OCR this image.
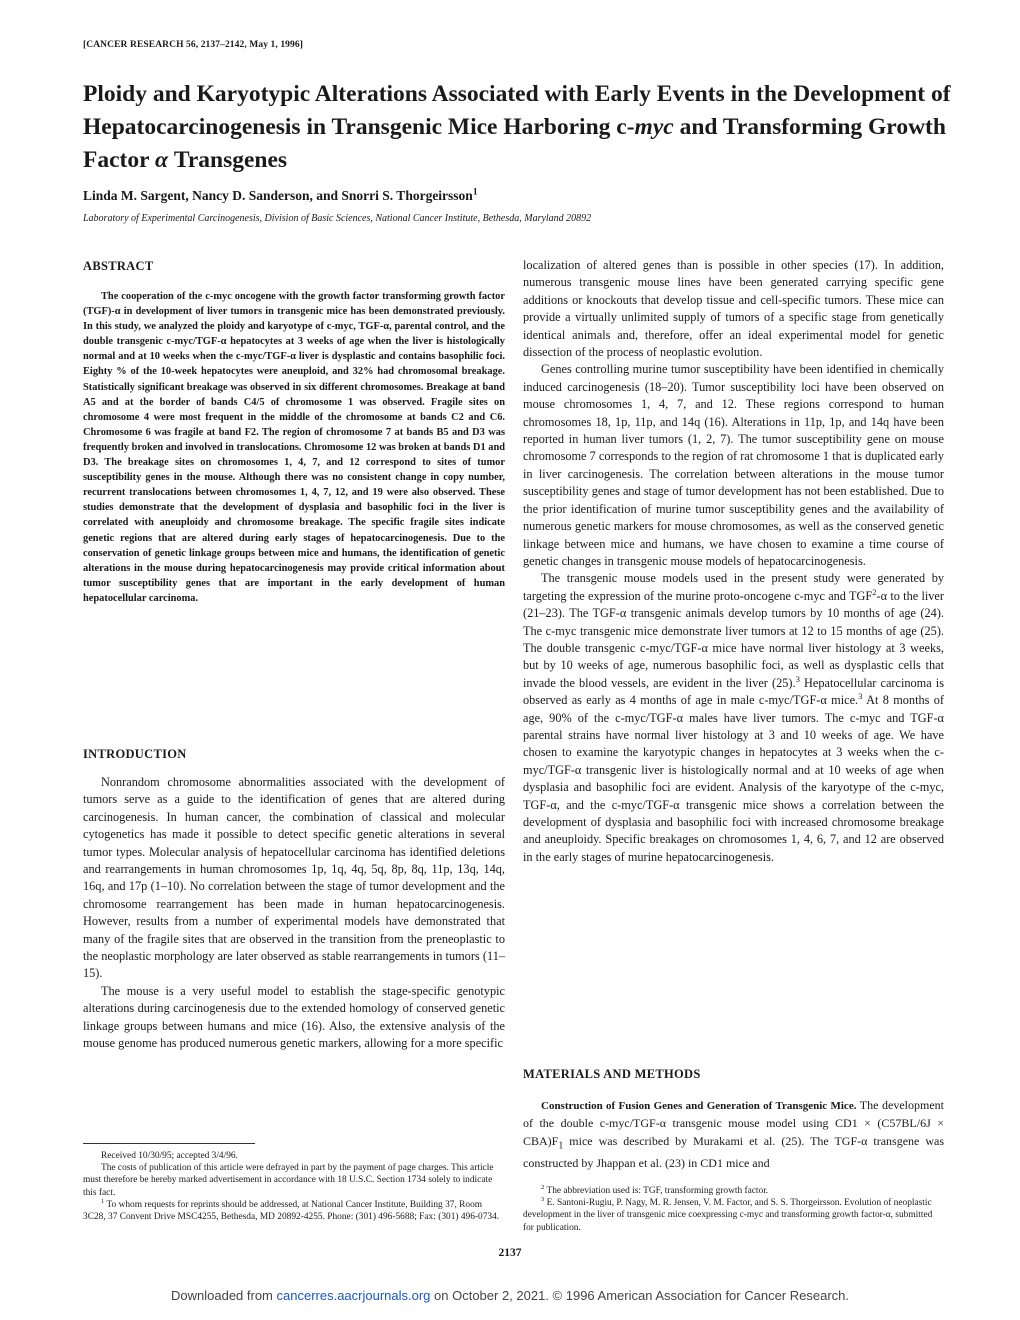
[CANCER RESEARCH 56, 2137–2142, May 1, 1996]
Ploidy and Karyotypic Alterations Associated with Early Events in the Development of Hepatocarcinogenesis in Transgenic Mice Harboring c-myc and Transforming Growth Factor α Transgenes
Linda M. Sargent, Nancy D. Sanderson, and Snorri S. Thorgeirsson$^1$
Laboratory of Experimental Carcinogenesis, Division of Basic Sciences, National Cancer Institute, Bethesda, Maryland 20892
ABSTRACT

The cooperation of the c-myc oncogene with the growth factor transforming growth factor (TGF)-α in development of liver tumors in transgenic mice has been demonstrated previously. In this study, we analyzed the ploidy and karyotype of c-myc, TGF-α, parental control, and the double transgenic c-myc/TGF-α hepatocytes at 3 weeks of age when the liver is histologically normal and at 10 weeks when the c-myc/TGF-α liver is dysplastic and contains basophilic foci. Eighty % of the 10-week hepatocytes were aneuploid, and 32% had chromosomal breakage. Statistically significant breakage was observed in six different chromosomes. Breakage at band A5 and at the border of bands C4/5 of chromosome 1 was observed. Fragile sites on chromosome 4 were most frequent in the middle of the chromosome at bands C2 and C6. Chromosome 6 was fragile at band F2. The region of chromosome 7 at bands B5 and D3 was frequently broken and involved in translocations. Chromosome 12 was broken at bands D1 and D3. The breakage sites on chromosomes 1, 4, 7, and 12 correspond to sites of tumor susceptibility genes in the mouse. Although there was no consistent change in copy number, recurrent translocations between chromosomes 1, 4, 7, 12, and 19 were also observed. These studies demonstrate that the development of dysplasia and basophilic foci in the liver is correlated with aneuploidy and chromosome breakage. The specific fragile sites indicate genetic regions that are altered during early stages of hepatocarcinogenesis. Due to the conservation of genetic linkage groups between mice and humans, the identification of genetic alterations in the mouse during hepatocarcinogenesis may provide critical information about tumor susceptibility genes that are important in the early development of human hepatocellular carcinoma.

INTRODUCTION

Nonrandom chromosome abnormalities associated with the development of tumors serve as a guide to the identification of genes that are altered during carcinogenesis. In human cancer, the combination of classical and molecular cytogenetics has made it possible to detect specific genetic alterations in several tumor types. Molecular analysis of hepatocellular carcinoma has identified deletions and rearrangements in human chromosomes 1p, 1q, 4q, 5q, 8p, 8q, 11p, 13q, 14q, 16q, and 17p (1–10). No correlation between the stage of tumor development and the chromosome rearrangement has been made in human hepatocarcinogenesis. However, results from a number of experimental models have demonstrated that many of the fragile sites that are observed in the transition from the preneoplastic to the neoplastic morphology are later observed as stable rearrangements in tumors (11–15).

The mouse is a very useful model to establish the stage-specific genotypic alterations during carcinogenesis due to the extended homology of conserved genetic linkage groups between humans and mice (16). Also, the extensive analysis of the mouse genome has produced numerous genetic markers, allowing for a more specific

localization of altered genes than is possible in other species (17). In addition, numerous transgenic mouse lines have been generated carrying specific gene additions or knockouts that develop tissue and cell-specific tumors. These mice can provide a virtually unlimited supply of tumors of a specific stage from genetically identical animals and, therefore, offer an ideal experimental model for genetic dissection of the process of neoplastic evolution.

Genes controlling murine tumor susceptibility have been identified in chemically induced carcinogenesis (18–20). Tumor susceptibility loci have been observed on mouse chromosomes 1, 4, 7, and 12. These regions correspond to human chromosomes 18, 1p, 11p, and 14q (16). Alterations in 11p, 1p, and 14q have been reported in human liver tumors (1, 2, 7). The tumor susceptibility gene on mouse chromosome 7 corresponds to the region of rat chromosome 1 that is duplicated early in liver carcinogenesis. The correlation between alterations in the mouse tumor susceptibility genes and stage of tumor development has not been established. Due to the prior identification of murine tumor susceptibility genes and the availability of numerous genetic markers for mouse chromosomes, as well as the conserved genetic linkage between mice and humans, we have chosen to examine a time course of genetic changes in transgenic mouse models of hepatocarcinogenesis.

The transgenic mouse models used in the present study were generated by targeting the expression of the murine proto-oncogene c-myc and TGF$^2$-α to the liver (21–23). The TGF-α transgenic animals develop tumors by 10 months of age (24). The c-myc transgenic mice demonstrate liver tumors at 12 to 15 months of age (25). The double transgenic c-myc/TGF-α mice have normal liver histology at 3 weeks, but by 10 weeks of age, numerous basophilic foci, as well as dysplastic cells that invade the blood vessels, are evident in the liver (25).$^3$ Hepatocellular carcinoma is observed as early as 4 months of age in male c-myc/TGF-α mice.$^3$ At 8 months of age, 90% of the c-myc/TGF-α males have liver tumors. The c-myc and TGF-α parental strains have normal liver histology at 3 and 10 weeks of age. We have chosen to examine the karyotypic changes in hepatocytes at 3 weeks when the c-myc/TGF-α transgenic liver is histologically normal and at 10 weeks of age when dysplasia and basophilic foci are evident. Analysis of the karyotype of the c-myc, TGF-α, and the c-myc/TGF-α transgenic mice shows a correlation between the development of dysplasia and basophilic foci with increased chromosome breakage and aneuploidy. Specific breakages on chromosomes 1, 4, 6, 7, and 12 are observed in the early stages of murine hepatocarcinogenesis.

MATERIALS AND METHODS

Construction of Fusion Genes and Generation of Transgenic Mice. The development of the double c-myc/TGF-α transgenic mouse model using $CD1 \times (C57BL/6J \times CBA)F_1$ mice was described by Murakami et al. (25). The TGF-α transgene was constructed by Jhappan et al. (23) in CD1 mice and

Received 10/30/95; accepted 3/4/96.

The costs of publication of this article were defrayed in part by the payment of page charges. This article must therefore be hereby marked advertisement in accordance with 18 U.S.C. Section 1734 solely to indicate this fact.

$^1$ To whom requests for reprints should be addressed, at National Cancer Institute, Building 37, Room 3C28, 37 Convent Drive MSC4255, Bethesda, MD 20892-4255. Phone: (301) 496-5688; Fax: (301) 496-0734.

$^2$ The abbreviation used is: TGF, transforming growth factor.

$^3$ E. Santoni-Rugiu, P. Nagy, M. R. Jensen, V. M. Factor, and S. S. Thorgeirsson. Evolution of neoplastic development in the liver of transgenic mice coexpressing c-myc and transforming growth factor-α, submitted for publication.

2137
Downloaded from cancerres.aacrjournals.org on October 2, 2021. © 1996 American Association for Cancer Research.
